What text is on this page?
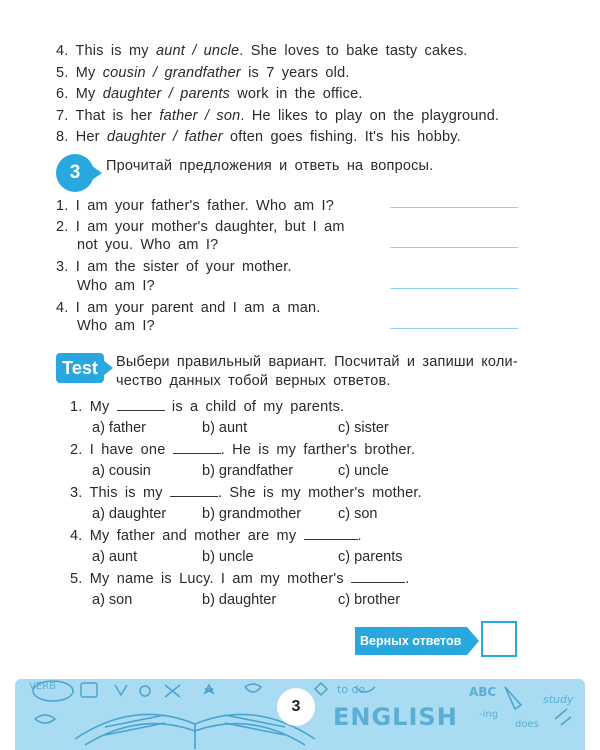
4. This is my aunt / uncle. She loves to bake tasty cakes.
5. My cousin / grandfather is 7 years old.
6. My daughter / parents work in the office.
7. That is her father / son. He likes to play on the playground.
8. Her daughter / father often goes fishing. It's his hobby.
3	Прочитай предложения и ответь на вопросы.
1. I am your father's father. Who am I?
2. I am your mother's daughter, but I am
not you. Who am I?
3. I am the sister of your mother.
Who am I?
4. I am your parent and I am a man.
Who am I?
Test	Выбери правильный вариант. Посчитай и запиши коли-
чество данных тобой верных ответов.
1. My	is a child of my parents.
a) father	b) aunt	c) sister
2. I have one	. He is my farther's brother.
a) cousin	b) grandfather	c) uncle
3. This is my	. She is my mother's mother.
a) daughter b) grandmother	c) son
4. My father and mother are my	.
a) aunt	b) uncle	c) parents
5. My name is Lucy. I am my mother's	.
a) son	b) daughter	c) brother
Верных ответов
VERB	to do
ENGLISH
ABC
-ing
does
study
3
